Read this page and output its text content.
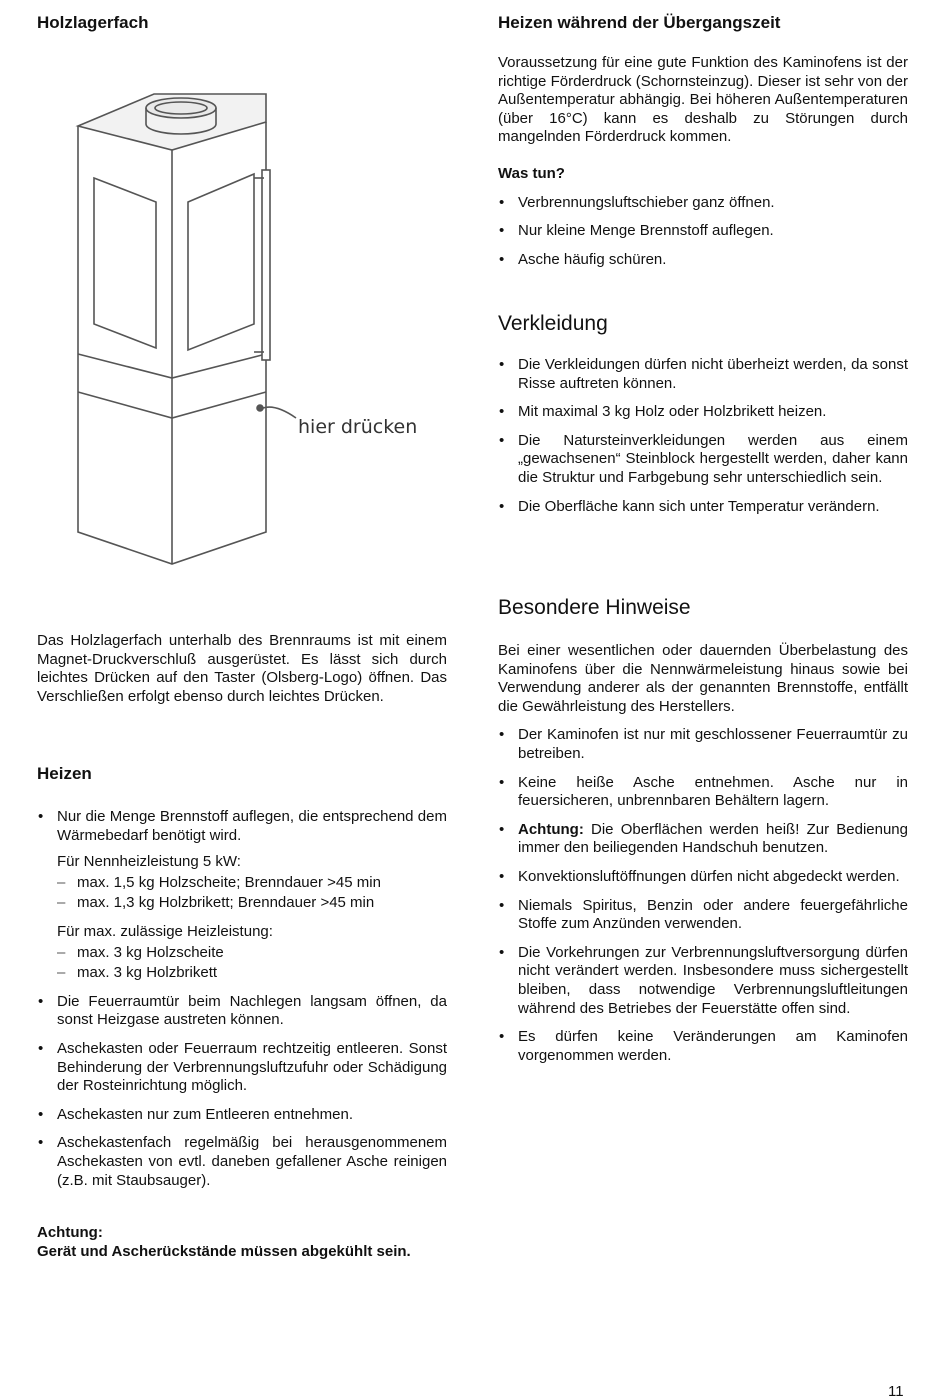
Holzlagerfach
hier drücken

Das Holzlagerfach unterhalb des Brennraums ist mit einem Magnet-Druckverschluß ausgerüstet. Es lässt sich durch leichtes Drücken auf den Taster (Olsberg-Logo) öffnen. Das Verschließen erfolgt ebenso durch leichtes Drücken.

Heizen
• Nur die Menge Brennstoff auflegen, die entsprechend dem Wärmebedarf benötigt wird.

Für Nennheizleistung 5 kW:

– max. 1,5 kg Holzscheite; Brenndauer >45 min
– max. 1,3 kg Holzbrikett; Brenndauer >45 min

Für max. zulässige Heizleistung:

– max. 3 kg Holzscheite
– max. 3 kg Holzbrikett
• Die Feuerraumtür beim Nachlegen langsam öffnen, da sonst Heizgase austreten können.
• Aschekasten oder Feuerraum rechtzeitig entleeren. Sonst Behinderung der Verbrennungsluftzufuhr oder Schädigung der Rosteinrichtung möglich.
• Aschekasten nur zum Entleeren entnehmen.
• Aschekastenfach regelmäßig bei herausgenommenem Aschekasten von evtl. daneben gefallener Asche reinigen (z.B. mit Staubsauger).

Achtung:

Gerät und Ascherückstände müssen abgekühlt sein.

Heizen während der Übergangszeit

Voraussetzung für eine gute Funktion des Kaminofens ist der richtige Förderdruck (Schornsteinzug). Dieser ist sehr von der Außentemperatur abhängig. Bei höheren Außentemperaturen (über 16°C) kann es deshalb zu Störungen durch mangelnden Förderdruck kommen.

Was tun?

• Verbrennungsluftschieber ganz öffnen.
• Nur kleine Menge Brennstoff auflegen.
• Asche häufig schüren.
Verkleidung
• Die Verkleidungen dürfen nicht überheizt werden, da sonst Risse auftreten können.
• Mit maximal 3 kg Holz oder Holzbrikett heizen.
• Die Natursteinverkleidungen werden aus einem „gewachsenen“ Steinblock hergestellt werden, daher kann die Struktur und Farbgebung sehr unterschiedlich sein.
• Die Oberfläche kann sich unter Temperatur verändern.
Besondere Hinweise

Bei einer wesentlichen oder dauernden Überbelastung des Kaminofens über die Nennwärmeleistung hinaus sowie bei Verwendung anderer als der genannten Brennstoffe, entfällt die Gewährleistung des Herstellers.

• Der Kaminofen ist nur mit geschlossener Feuerraumtür zu betreiben.
• Keine heiße Asche entnehmen. Asche nur in feuersicheren, unbrennbaren Behältern lagern.
• Achtung: Die Oberflächen werden heiß! Zur Bedienung immer den beiliegenden Handschuh benutzen.
• Konvektionsluftöffnungen dürfen nicht abgedeckt werden.
• Niemals Spiritus, Benzin oder andere feuergefährliche Stoffe zum Anzünden verwenden.
• Die Vorkehrungen zur Verbrennungsluftversorgung dürfen nicht verändert werden. Insbesondere muss sichergestellt bleiben, dass notwendige Verbrennungsluftleitungen während des Betriebes der Feuerstätte offen sind.
• Es dürfen keine Veränderungen am Kaminofen vorgenommen werden.
11
